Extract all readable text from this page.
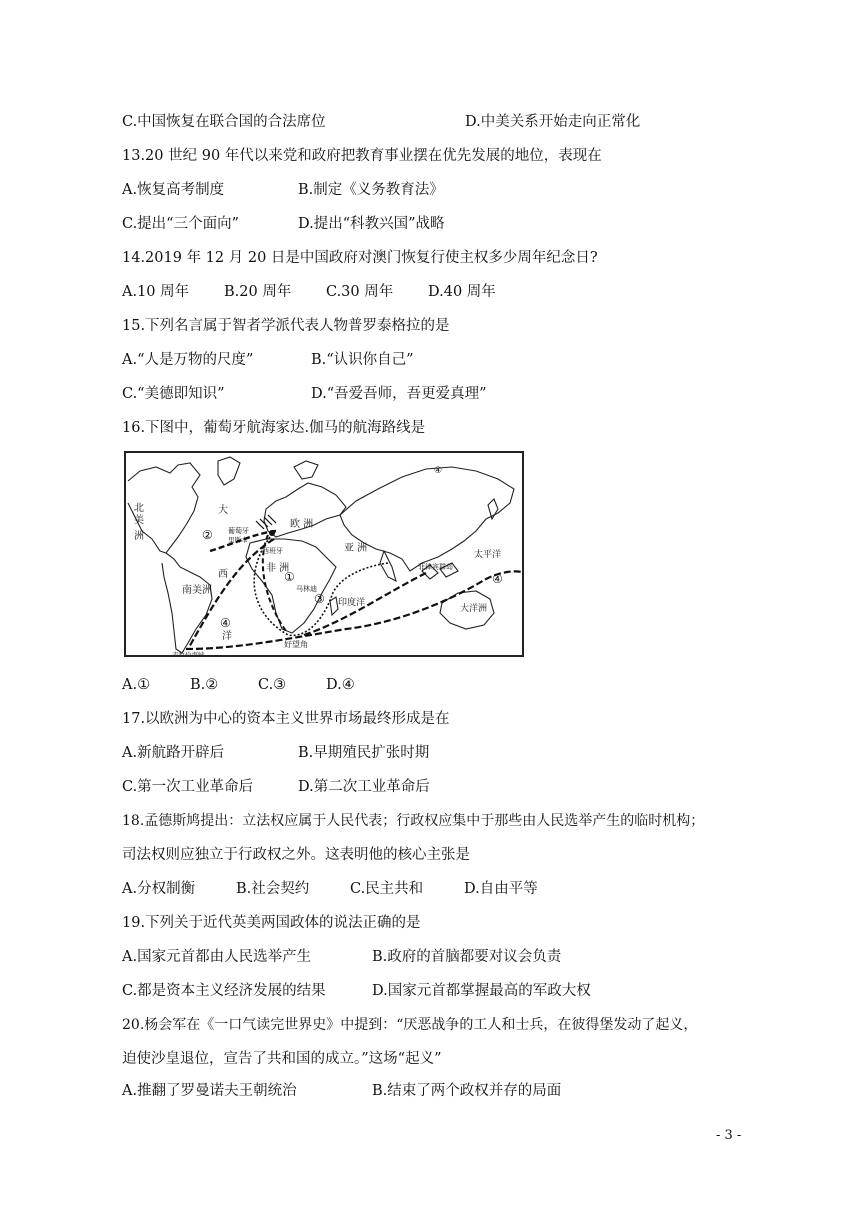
C.中国恢复在联合国的合法席位	D.中美关系开始走向正常化
13.20 世纪 90 年代以来党和政府把教育事业摆在优先发展的地位，表现在
A.恢复高考制度	B.制定《义务教育法》
C.提出“三个面向”	D.提出“科教兴国”战略
14.2019 年 12 月 20 日是中国政府对澳门恢复行使主权多少周年纪念日?
A.10 周年 B.20 周年 C.30 周年 D.40 周年
15.下列名言属于智者学派代表人物普罗泰格拉的是
A.“人是万物的尺度”	B.“认识你自己”
C.“美德即知识”	D.“吾爱吾师，吾更爱真理”
16.下图中，葡萄牙航海家达.伽马的航海路线是
北
美
洲
大
西
洋
葡萄牙
里斯本
西班牙
欧 洲
亚 洲
非 洲
南美洲	马林迪
印度洋
好望角
麦哲伦海峡
菲律宾群岛
太平洋
大洋洲
①
②
③
④
④
④
A.①	B.②	C.③	D.④
17.以欧洲为中心的资本主义世界市场最终形成是在
A.新航路开辟后	B.早期殖民扩张时期
C.第一次工业革命后	D.第二次工业革命后
18.孟德斯鸠提出：立法权应属于人民代表；行政权应集中于那些由人民选举产生的临时机构；
司法权则应独立于行政权之外。这表明他的核心主张是
A.分权制衡	B.社会契约	C.民主共和	D.自由平等
19.下列关于近代英美两国政体的说法正确的是
A.国家元首都由人民选举产生	B.政府的首脑都要对议会负责
C.都是资本主义经济发展的结果	D.国家元首都掌握最高的军政大权
20.杨会军在《一口气读完世界史》中提到：“厌恶战争的工人和士兵，在彼得堡发动了起义，
迫使沙皇退位，宣告了共和国的成立。”这场“起义”
A.推翻了罗曼诺夫王朝统治	B.结束了两个政权并存的局面
- 3 -
